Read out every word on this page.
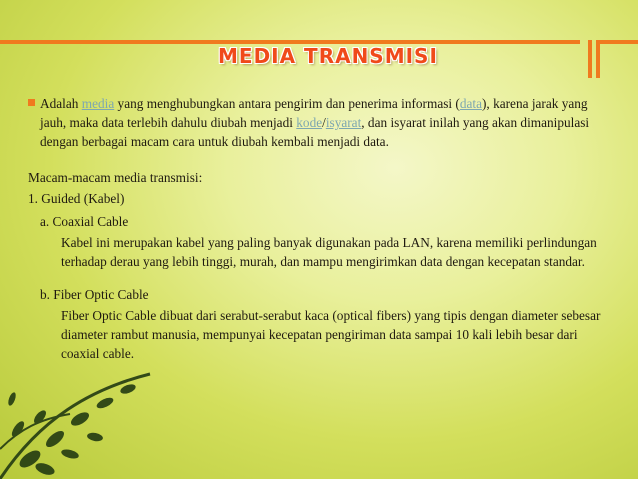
MEDIA TRANSMISI
Adalah media yang menghubungkan antara pengirim dan penerima informasi (data), karena jarak yang jauh, maka data terlebih dahulu diubah menjadi kode/isyarat, dan isyarat inilah yang akan dimanipulasi dengan berbagai macam cara untuk diubah kembali menjadi data.
Macam-macam media transmisi:
1. Guided (Kabel)
a. Coaxial Cable
Kabel ini merupakan kabel yang paling banyak digunakan pada LAN, karena memiliki perlindungan terhadap derau yang lebih tinggi, murah, dan mampu mengirimkan data dengan kecepatan standar.
b. Fiber Optic Cable
Fiber Optic Cable dibuat dari serabut-serabut kaca (optical fibers) yang tipis dengan diameter sebesar diameter rambut manusia, mempunyai kecepatan pengiriman data sampai 10 kali lebih besar dari coaxial cable.
